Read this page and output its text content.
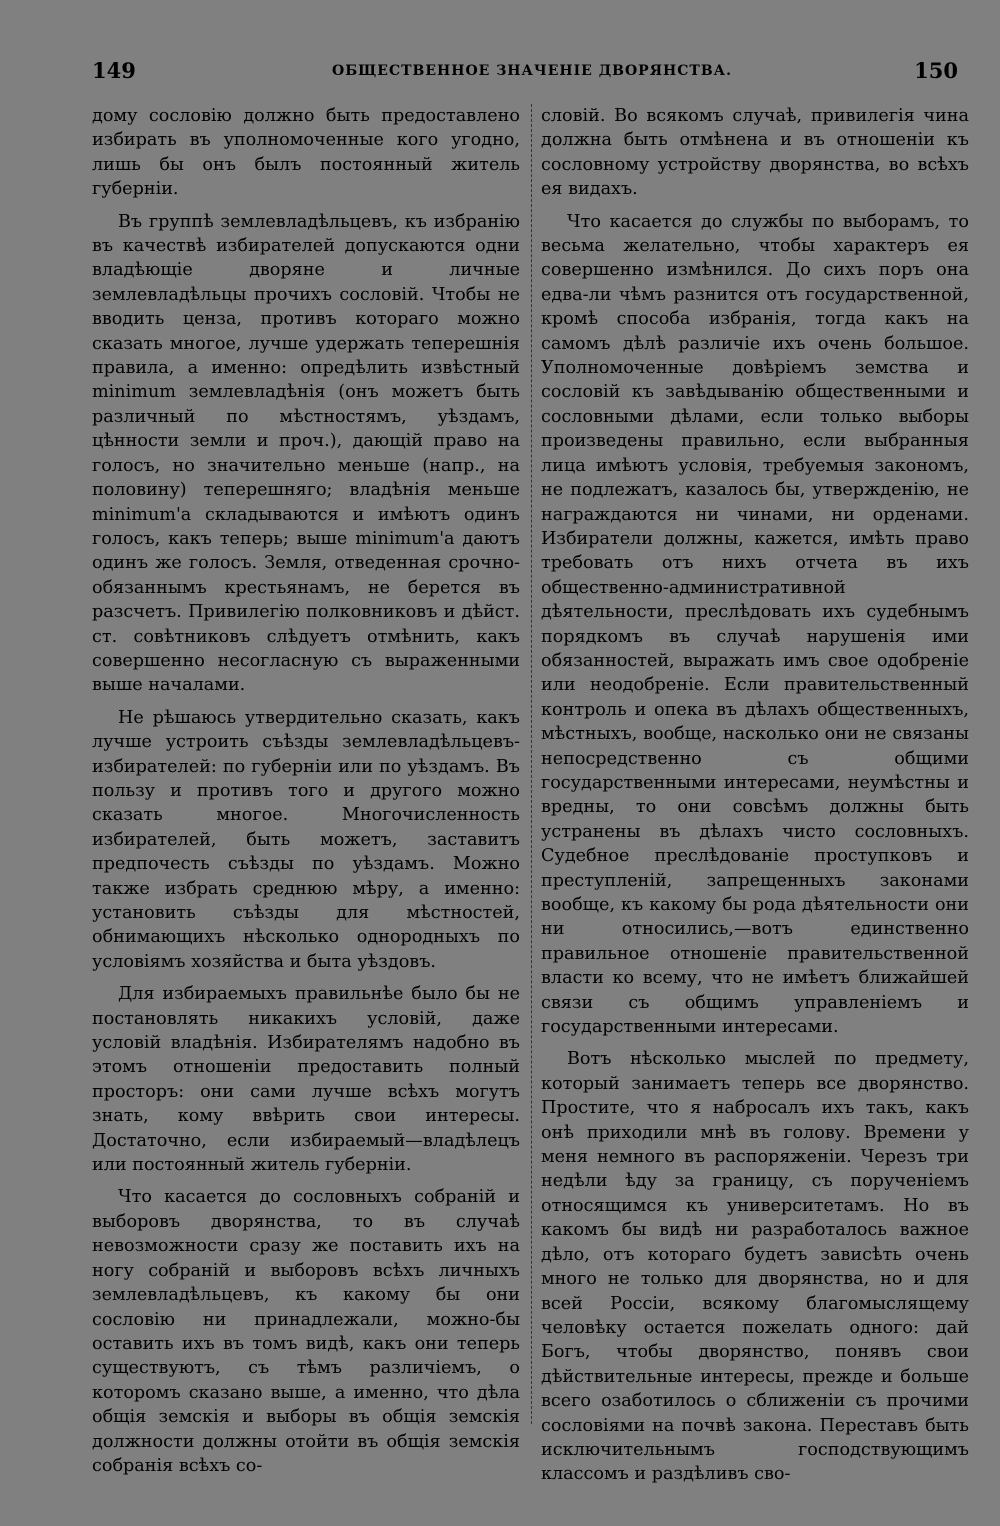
149	ОБЩЕСТВЕННОЕ ЗНАЧЕНІЕ ДВОРЯНСТВА.	150

дому сословію должно быть предоставлено избирать въ уполномоченные кого угодно, лишь бы онъ былъ постоянный житель губерніи.

Въ группѣ землевладѣльцевъ, къ избранію въ качествѣ избирателей допускаются одни владѣющіе дворяне и личные землевладѣльцы прочихъ сословій. Чтобы не вводить ценза, противъ котораго можно сказать многое, лучше удержать теперешнія правила, а именно: опредѣлить извѣстный minimum землевладѣнія (онъ можетъ быть различный по мѣстностямъ, уѣздамъ, цѣнности земли и проч.), дающій право на голосъ, но значительно меньше (напр., на половину) теперешняго; владѣнія меньше minimum'а складываются и имѣютъ одинъ голосъ, какъ теперь; выше minimum'а даютъ одинъ же голосъ. Земля, отведенная срочно-обязаннымъ крестьянамъ, не берется въ разсчетъ. Привилегію полковниковъ и дѣйст. ст. совѣтниковъ слѣдуетъ отмѣнить, какъ совершенно несогласную съ выраженными выше началами.

Не рѣшаюсь утвердительно сказать, какъ лучше устроить съѣзды землевладѣльцевъ-избирателей: по губерніи или по уѣздамъ. Въ пользу и противъ того и другого можно сказать многое. Многочисленность избирателей, быть можетъ, заставитъ предпочесть съѣзды по уѣздамъ. Можно также избрать среднюю мѣру, а именно: установить съѣзды для мѣстностей, обнимающихъ нѣсколько однородныхъ по условіямъ хозяйства и быта уѣздовъ.

Для избираемыхъ правильнѣе было бы не постановлять никакихъ условій, даже условій владѣнія. Избирателямъ надобно въ этомъ отношеніи предоставить полный просторъ: они сами лучше всѣхъ могутъ знать, кому ввѣрить свои интересы. Достаточно, если избираемый—владѣлецъ или постоянный житель губерніи.

Что касается до сословныхъ собраній и выборовъ дворянства, то въ случаѣ невозможности сразу же поставить ихъ на ногу собраній и выборовъ всѣхъ личныхъ землевладѣльцевъ, къ какому бы они сословію ни принадлежали, можно-бы оставить ихъ въ томъ видѣ, какъ они теперь существуютъ, съ тѣмъ различіемъ, о которомъ сказано выше, а именно, что дѣла общія земскія и выборы въ общія земскія должности должны отойти въ общія земскія собранія всѣхъ со-

словій. Во всякомъ случаѣ, привилегія чина должна быть отмѣнена и въ отношеніи къ сословному устройству дворянства, во всѣхъ ея видахъ.

Что касается до службы по выборамъ, то весьма желательно, чтобы характеръ ея совершенно измѣнился. До сихъ поръ она едва-ли чѣмъ разнится отъ государственной, кромѣ способа избранія, тогда какъ на самомъ дѣлѣ различіе ихъ очень большое. Уполномоченные довѣріемъ земства и сословій къ завѣдыванію общественными и сословными дѣлами, если только выборы произведены правильно, если выбранныя лица имѣютъ условія, требуемыя закономъ, не подлежатъ, казалось бы, утвержденію, не награждаются ни чинами, ни орденами. Избиратели должны, кажется, имѣть право требовать отъ нихъ отчета въ ихъ общественно-административной дѣятельности, преслѣдовать ихъ судебнымъ порядкомъ въ случаѣ нарушенія ими обязанностей, выражать имъ свое одобреніе или неодобреніе. Если правительственный контроль и опека въ дѣлахъ общественныхъ, мѣстныхъ, вообще, насколько они не связаны непосредственно съ общими государственными интересами, неумѣстны и вредны, то они совсѣмъ должны быть устранены въ дѣлахъ чисто сословныхъ. Судебное преслѣдованіе проступковъ и преступленій, запрещенныхъ законами вообще, къ какому бы рода дѣятельности они ни относились,—вотъ единственно правильное отношеніе правительственной власти ко всему, что не имѣетъ ближайшей связи съ общимъ управленіемъ и государственными интересами.

Вотъ нѣсколько мыслей по предмету, который занимаетъ теперь все дворянство. Простите, что я набросалъ ихъ такъ, какъ онѣ приходили мнѣ въ голову. Времени у меня немного въ распоряженіи. Черезъ три недѣли ѣду за границу, съ порученіемъ относящимся къ университетамъ. Но въ какомъ бы видѣ ни разработалось важное дѣло, отъ котораго будетъ зависѣть очень много не только для дворянства, но и для всей Россіи, всякому благомыслящему человѣку остается пожелать одного: дай Богъ, чтобы дворянство, понявъ свои дѣйствительные интересы, прежде и больше всего озаботилось о сближеніи съ прочими сословіями на почвѣ закона. Переставъ быть исключительнымъ господствующимъ классомъ и раздѣливъ сво-
